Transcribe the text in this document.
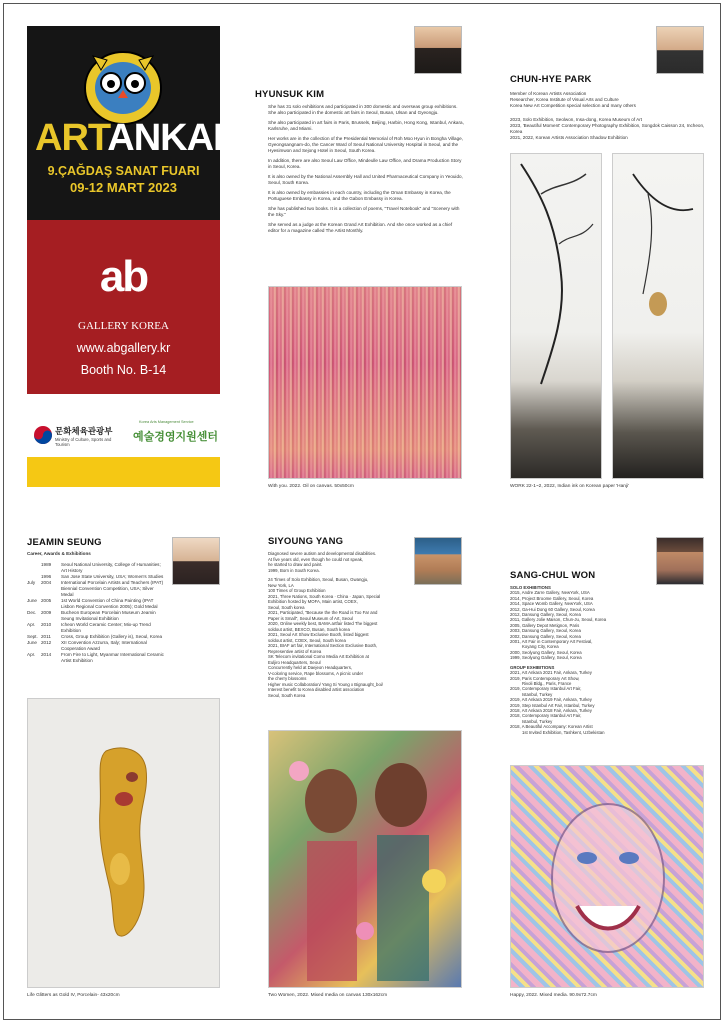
ARTANKARA
9.ÇAĞDAŞ SANAT FUARI
09-12 MART 2023
ab
GALLERY KOREA
www.abgallery.kr
Booth No. B-14
문화체육관광부
Ministry of Culture, Sports and Tourism
Korea Arts Management Service
예술경영지원센터
HYUNSUK KIM

She has 31 solo exhibitions and participated in 300 domestic and overseas group exhibitions. She also participated in the domestic art fairs in Seoul, Busan, Ulsan and Gyeongju.

She also participated in art fairs in Paris, Brussels, Beijing, Harbin, Hong Kong, Istanbul, Ankara, Karlsruhe, and Miami.

Her works are in the collection of the Presidential Memorial of Roh Moo Hyun in Bongha Village, Gyeongsangnam-do, the Cancer Ward of Seoul National University Hospital in Seoul, and the Hyesimwon and Sejong Hotel in Seoul, South Korea.

In addition, there are also Seoul Law Office, Mindeulle Law Office, and Drama Production Story in Seoul, Korea.

It is also owned by the National Assembly Hall and United Pharmaceutical Company in Yeouido, Seoul, South Korea.

It is also owned by embassies in each country, including the Oman Embassy in Korea, the Portuguese Embassy in Korea, and the Gabon Embassy in Korea.

She has published two books. It is a collection of poems, "Travel Notebook" and "Scenery with the Sky."

She served as a judge at the Korean Grand Art Exhibition. And she once worked as a chief editor for a magazine called The Artist Monthly.

With you. 2022. Oil on canvas. 50x50cm
CHUN-HYE PARK
Member of Korean Artists Association
Researcher, Korea Institute of Visual Arts and Culture
Korea New Art Competition special selection and many others
2023, Solo Exhibition, Seolwon, Insa-dong, Korea Museum of Art
2023, 'Beautiful Moment' Contemporary Photography Exhibition, Songdok Caisson 24, Incheon, Korea
2021, 2022, Korean Artists Association Shadow Exhibition
WORK 22-1~2, 2022, Indian ink on Korean paper 'Hanji'
JEAMIN SEUNG
Career, Awards & Exhibitions
1989	Seoul National University, College of Humanities; Art History
1996	San Jose State University, USA; Women's Studies
July	2004	International Porcelain Artists and Teachers (IPAT) Biennial Convention Competition, USA; Silver Medal
June 2005	1st World Convention of China Painting (IPAT Lisbon Regional Convention 2005); Gold Medal
Dec. 2009	Bucheon European Porcelain Museum Jeamin Seung Invitational Exhibition
Apr.	2010	Icheon World Ceramic Center; Mix-up Trend Exhibition
Sept. 2011	Cross, Group Exhibition (Gallery is), Seoul, Korea
June 2012	XII Convention Azzurra, Italy; International Cooperation Award
Apr.	2014	From Fire to Light, Myanmar International Ceramic Artist Exhibition
Life Glitters as Gold IV, Porcelain- 43x20cm
SIYOUNG YANG
Diagnosed severe autism and developmental disabilities.
At five years old, even though he could not speak,
he started to draw and paint.
1999, Born in South Korea.
24 Times of Solo Exhibition, Seoul, Busan, Gwangju,
New York, LA
100 Times of Group Exhibition
2021, Three Nations, South Korea · China · Japan, Special
Exhibition hosted by MOFA, Main artist, COEX,
Seoul, South korea
2021, Participated, "Because the the Road is Too Far and
Paper is Small", Seoul Museum of Art, Seoul
2020, Online weekly best, BAMA artfair listed The biggest
soldout artist, BEXCO, Busan, South korea
2021, Seoul Art Show Exclusive Booth, listed biggest
soldout artist, COEX, Seoul, South korea
2021, BIAF art fair, International Section Exclusive Booth,
Representive artist of Korea
SK Telecom invitational Como Media Art Exhibition at
Euljiro Headquarters, Seoul
Concurrently held at Daejeon Headquarters,
V-coloring service, Rape blossoms, A picnic under
the cherry blossoms
Higher music Collaboration/ Yang Si Young x Bignaught_boi/
Interest benefit to Korea disabled artist association
Seoul, South Korea
Two Women, 2022. Mixed media on canvas 130x162cm
SANG-CHUL WON
SOLO EXHIBITIONS
2015, Andre Zarre Gallery, NewYork, USA
2014, Project Broome Gallery, Seoul, Korea
2014, Space Womb Gallery, NewYork, USA
2012, Ga-Hui Dong 60 Gallery, Seoul, Korea
2012, Dansung Gallery, Seoul, Korea
2011, Gallery Jolie Maison, Chun-Ju, Seoul, Korea
2005, Gallery Depot Metignon, Paris
2003, Dansung Gallery, Seoul, Korea
2002, Dansung Gallery, Seoul, Korea
2001, Art Fair in Contemporary Art Festival,
Koyang City, Korea
2000, Seolyung Gallery, Seoul, Korea
1999, Seolyung Gallery, Seoul, Korea
GROUP EXHIBITIONS
2021, Art Ankara 2021 Fair, Ankara, Turkey
2019, Paris Contemporary Art Show,
Rivoli Bldg., Paris, France
2019, Contemporary Istanbul Art Fair,
Istanbul, Turkey
2019, Art Ankara 2019 Fair, Ankara, Turkey
2019, Step Istanbul Art Fair, Istanbul, Turkey
2018, Art Ankara 2018 Fair, Ankara, Turkey
2018, Contemporary Istanbul Art Fair,
Istanbul, Turkey
2018, A Beautiful Accompany: Korean Artist
1st Invited Exhibition, Tashkent, Uzbekistan
Happy, 2022. Mixed media. 90.9x72.7cm
